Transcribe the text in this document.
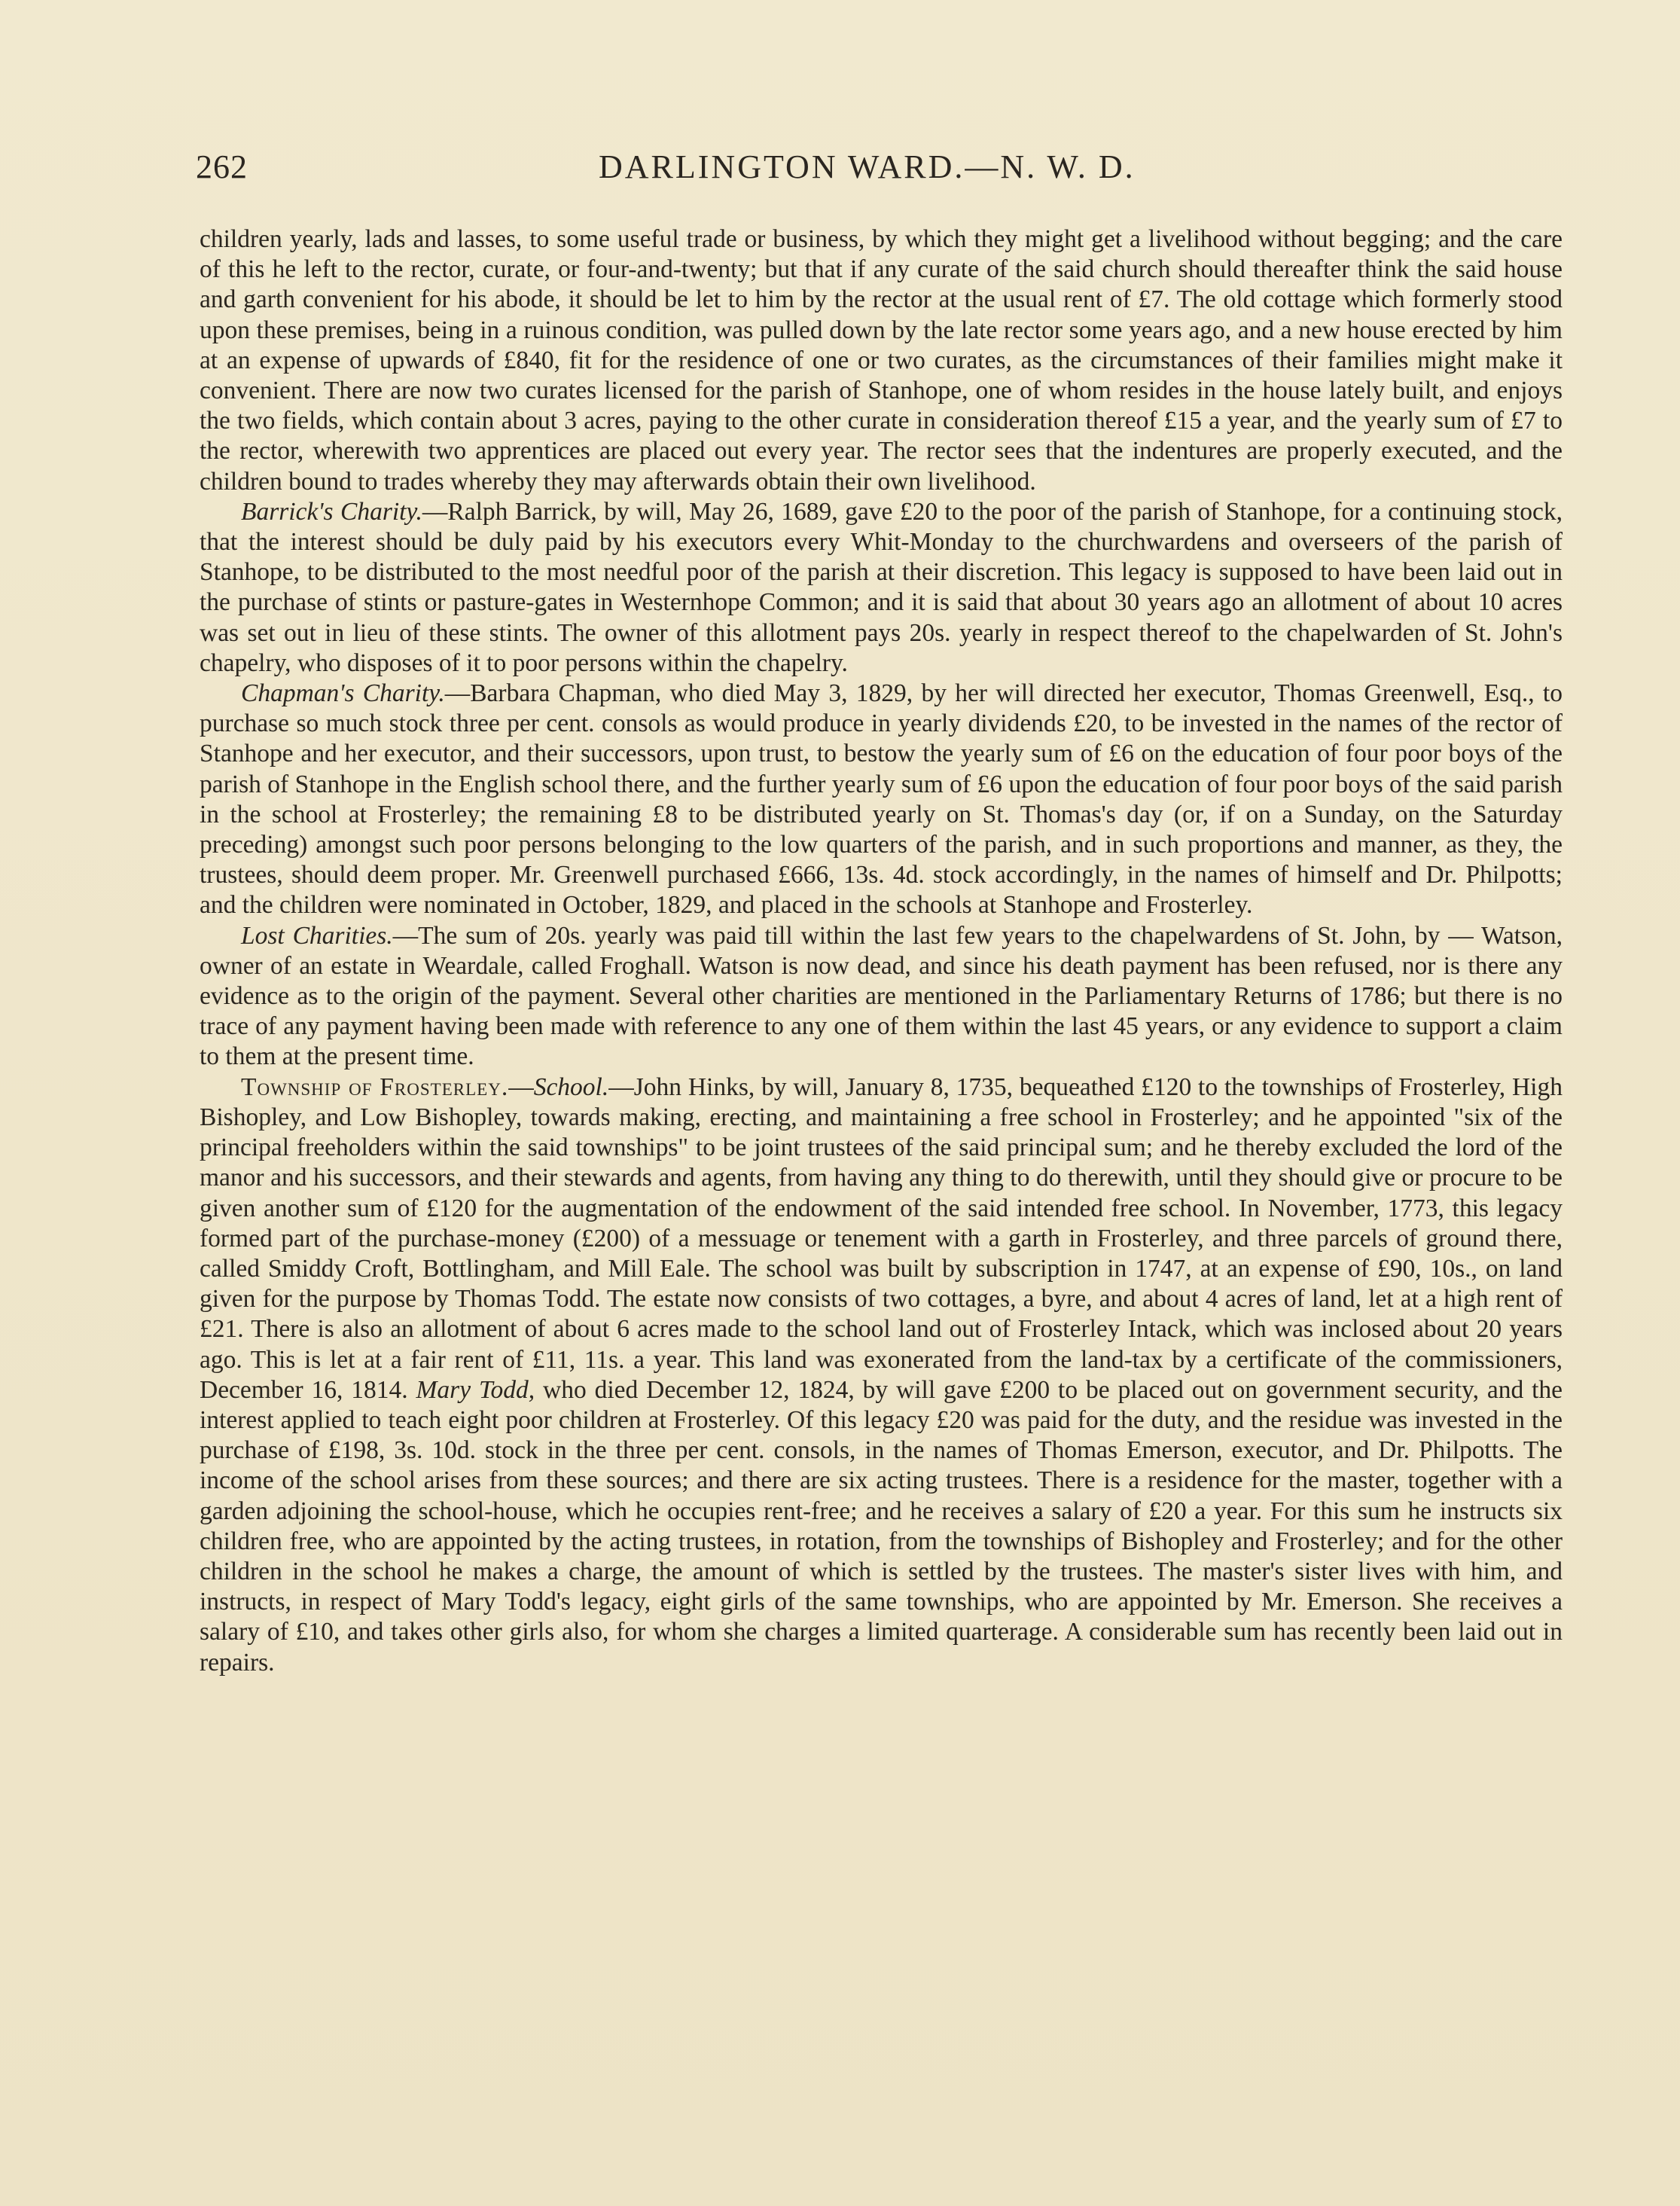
262	DARLINGTON WARD.—N. W. D.

children yearly, lads and lasses, to some useful trade or business, by which they might get a livelihood without begging; and the care of this he left to the rector, curate, or four-and-twenty; but that if any curate of the said church should thereafter think the said house and garth convenient for his abode, it should be let to him by the rector at the usual rent of £7. The old cottage which formerly stood upon these premises, being in a ruinous condition, was pulled down by the late rector some years ago, and a new house erected by him at an expense of upwards of £840, fit for the residence of one or two curates, as the circumstances of their families might make it convenient. There are now two curates licensed for the parish of Stanhope, one of whom resides in the house lately built, and enjoys the two fields, which contain about 3 acres, paying to the other curate in consideration thereof £15 a year, and the yearly sum of £7 to the rector, wherewith two apprentices are placed out every year. The rector sees that the indentures are properly executed, and the children bound to trades whereby they may afterwards obtain their own livelihood.

Barrick's Charity.—Ralph Barrick, by will, May 26, 1689, gave £20 to the poor of the parish of Stanhope, for a continuing stock, that the interest should be duly paid by his executors every Whit-Monday to the churchwardens and overseers of the parish of Stanhope, to be distributed to the most needful poor of the parish at their discretion. This legacy is supposed to have been laid out in the purchase of stints or pasture-gates in Westernhope Common; and it is said that about 30 years ago an allotment of about 10 acres was set out in lieu of these stints. The owner of this allotment pays 20s. yearly in respect thereof to the chapelwarden of St. John's chapelry, who disposes of it to poor persons within the chapelry.

Chapman's Charity.—Barbara Chapman, who died May 3, 1829, by her will directed her executor, Thomas Greenwell, Esq., to purchase so much stock three per cent. consols as would produce in yearly dividends £20, to be invested in the names of the rector of Stanhope and her executor, and their successors, upon trust, to bestow the yearly sum of £6 on the education of four poor boys of the parish of Stanhope in the English school there, and the further yearly sum of £6 upon the education of four poor boys of the said parish in the school at Frosterley; the remaining £8 to be distributed yearly on St. Thomas's day (or, if on a Sunday, on the Saturday preceding) amongst such poor persons belonging to the low quarters of the parish, and in such proportions and manner, as they, the trustees, should deem proper. Mr. Greenwell purchased £666, 13s. 4d. stock accordingly, in the names of himself and Dr. Philpotts; and the children were nominated in October, 1829, and placed in the schools at Stanhope and Frosterley.

Lost Charities.—The sum of 20s. yearly was paid till within the last few years to the chapelwardens of St. John, by — Watson, owner of an estate in Weardale, called Froghall. Watson is now dead, and since his death payment has been refused, nor is there any evidence as to the origin of the payment. Several other charities are mentioned in the Parliamentary Returns of 1786; but there is no trace of any payment having been made with reference to any one of them within the last 45 years, or any evidence to support a claim to them at the present time.

Township of Frosterley.—School.—John Hinks, by will, January 8, 1735, bequeathed £120 to the townships of Frosterley, High Bishopley, and Low Bishopley, towards making, erecting, and maintaining a free school in Frosterley; and he appointed "six of the principal freeholders within the said townships" to be joint trustees of the said principal sum; and he thereby excluded the lord of the manor and his successors, and their stewards and agents, from having any thing to do therewith, until they should give or procure to be given another sum of £120 for the augmentation of the endowment of the said intended free school. In November, 1773, this legacy formed part of the purchase-money (£200) of a messuage or tenement with a garth in Frosterley, and three parcels of ground there, called Smiddy Croft, Bottlingham, and Mill Eale. The school was built by subscription in 1747, at an expense of £90, 10s., on land given for the purpose by Thomas Todd. The estate now consists of two cottages, a byre, and about 4 acres of land, let at a high rent of £21. There is also an allotment of about 6 acres made to the school land out of Frosterley Intack, which was inclosed about 20 years ago. This is let at a fair rent of £11, 11s. a year. This land was exonerated from the land-tax by a certificate of the commissioners, December 16, 1814. Mary Todd, who died December 12, 1824, by will gave £200 to be placed out on government security, and the interest applied to teach eight poor children at Frosterley. Of this legacy £20 was paid for the duty, and the residue was invested in the purchase of £198, 3s. 10d. stock in the three per cent. consols, in the names of Thomas Emerson, executor, and Dr. Philpotts. The income of the school arises from these sources; and there are six acting trustees. There is a residence for the master, together with a garden adjoining the school-house, which he occupies rent-free; and he receives a salary of £20 a year. For this sum he instructs six children free, who are appointed by the acting trustees, in rotation, from the townships of Bishopley and Frosterley; and for the other children in the school he makes a charge, the amount of which is settled by the trustees. The master's sister lives with him, and instructs, in respect of Mary Todd's legacy, eight girls of the same townships, who are appointed by Mr. Emerson. She receives a salary of £10, and takes other girls also, for whom she charges a limited quarterage. A considerable sum has recently been laid out in repairs.
